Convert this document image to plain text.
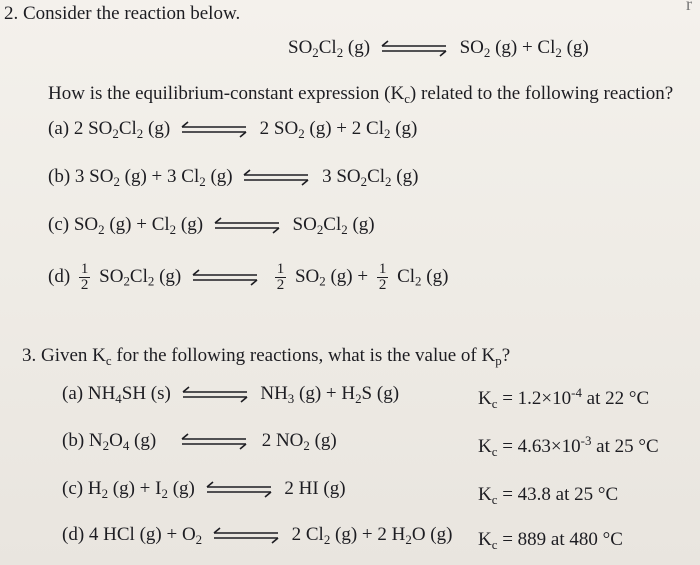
r
2. Consider the reaction below.
$SO_2Cl_2$ (g)	$SO_2$ $(g) + Cl_2$ (g)
How is the equilibrium-constant expression $(K_c)$ related to the following reaction?
(a) 2 $SO_2Cl_2$ (g)	2 $SO_2$ (g) + 2 $Cl_2$ (g)
(b) 3 $SO_2$ (g) + 3 $Cl_2$ (g)	3 $SO_2Cl_2$ (g)
(c) $SO_2$ $(g) + Cl_2$ (g)	$SO_2Cl_2$ (g)
$(d) \frac{1}{2} SO_2Cl_2$ (g)	$\frac{1}{2} SO_2$ $(g) + \frac{1}{2} Cl_2$ (g)
3. Given $K_c$ for the following reactions, what is the value of $K_p$?
(a) $NH_4SH$ (s)	$NH_3$ $(g) + H_2S$ (g)	$K_c = 1.2\times 10^{-4}$ at 22 °C
(b) $N_2O_4$ (g)	2 $NO_2$ (g)	$K_c = 4.63\times 10^{-3}$ at 25 °C
(c) $H_2$ $(g) + I_2$ (g)	2 HI (g)	$K_c = 43.8$ at 25 °C
(d) 4 HCl $(g) + O_2$	2 $Cl_2$ (g) + 2 $H_2O$ (g) $K_c = 889$ at 480 °C
